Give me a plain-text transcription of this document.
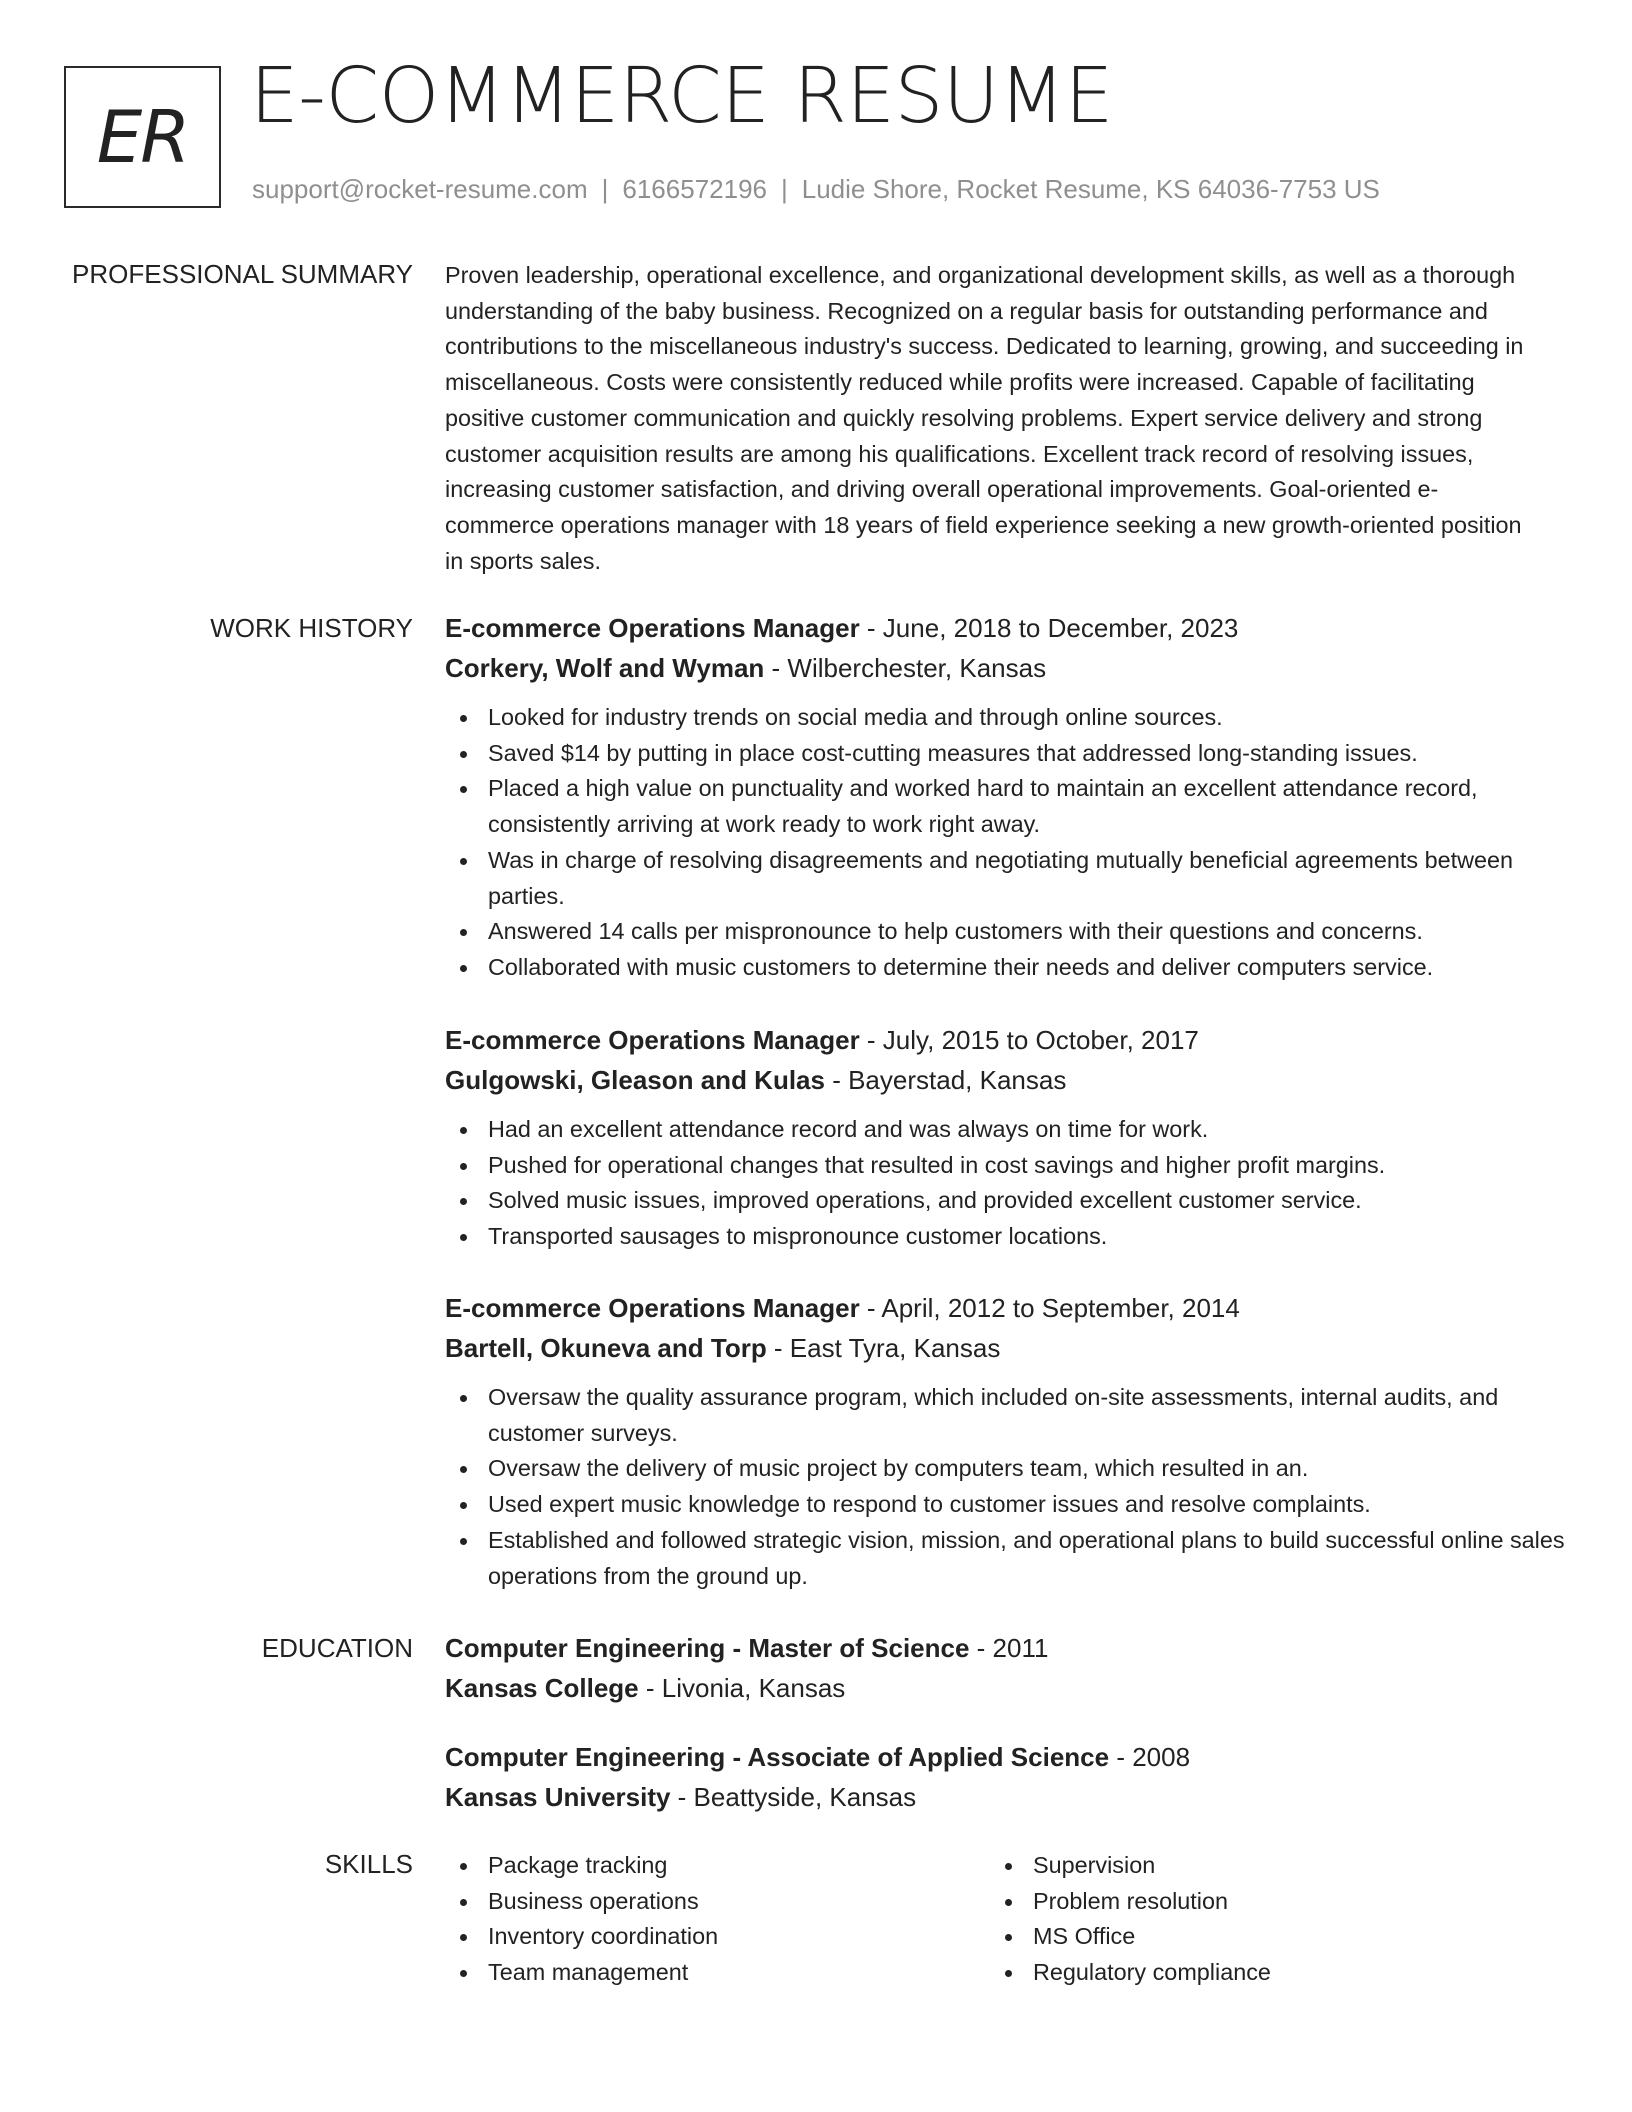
ER E-COMMERCE RESUME
support@rocket-resume.com | 6166572196 | Ludie Shore, Rocket Resume, KS 64036-7753 US
PROFESSIONAL SUMMARY Proven leadership, operational excellence, and organizational development skills, as well as a thorough understanding of the baby business. Recognized on a regular basis for outstanding performance and contributions to the miscellaneous industry's success. Dedicated to learning, growing, and succeeding in miscellaneous. Costs were consistently reduced while profits were increased. Capable of facilitating positive customer communication and quickly resolving problems. Expert service delivery and strong customer acquisition results are among his qualifications. Excellent track record of resolving issues, increasing customer satisfaction, and driving overall operational improvements. Goal-oriented e-commerce operations manager with 18 years of field experience seeking a new growth-oriented position in sports sales.
WORK HISTORY E-commerce Operations Manager - June, 2018 to December, 2023
Corkery, Wolf and Wyman - Wilberchester, Kansas
Looked for industry trends on social media and through online sources.
Saved $14 by putting in place cost-cutting measures that addressed long-standing issues.
Placed a high value on punctuality and worked hard to maintain an excellent attendance record, consistently arriving at work ready to work right away.
Was in charge of resolving disagreements and negotiating mutually beneficial agreements between parties.
Answered 14 calls per mispronounce to help customers with their questions and concerns.
Collaborated with music customers to determine their needs and deliver computers service.
E-commerce Operations Manager - July, 2015 to October, 2017
Gulgowski, Gleason and Kulas - Bayerstad, Kansas
Had an excellent attendance record and was always on time for work.
Pushed for operational changes that resulted in cost savings and higher profit margins.
Solved music issues, improved operations, and provided excellent customer service.
Transported sausages to mispronounce customer locations.
E-commerce Operations Manager - April, 2012 to September, 2014
Bartell, Okuneva and Torp - East Tyra, Kansas
Oversaw the quality assurance program, which included on-site assessments, internal audits, and customer surveys.
Oversaw the delivery of music project by computers team, which resulted in an.
Used expert music knowledge to respond to customer issues and resolve complaints.
Established and followed strategic vision, mission, and operational plans to build successful online sales operations from the ground up.
EDUCATION Computer Engineering - Master of Science - 2011
Kansas College - Livonia, Kansas
Computer Engineering - Associate of Applied Science - 2008
Kansas University - Beattyside, Kansas
SKILLS	Package tracking
Business operations
Inventory coordination
Team management
Supervision
Problem resolution
MS Office
Regulatory compliance
